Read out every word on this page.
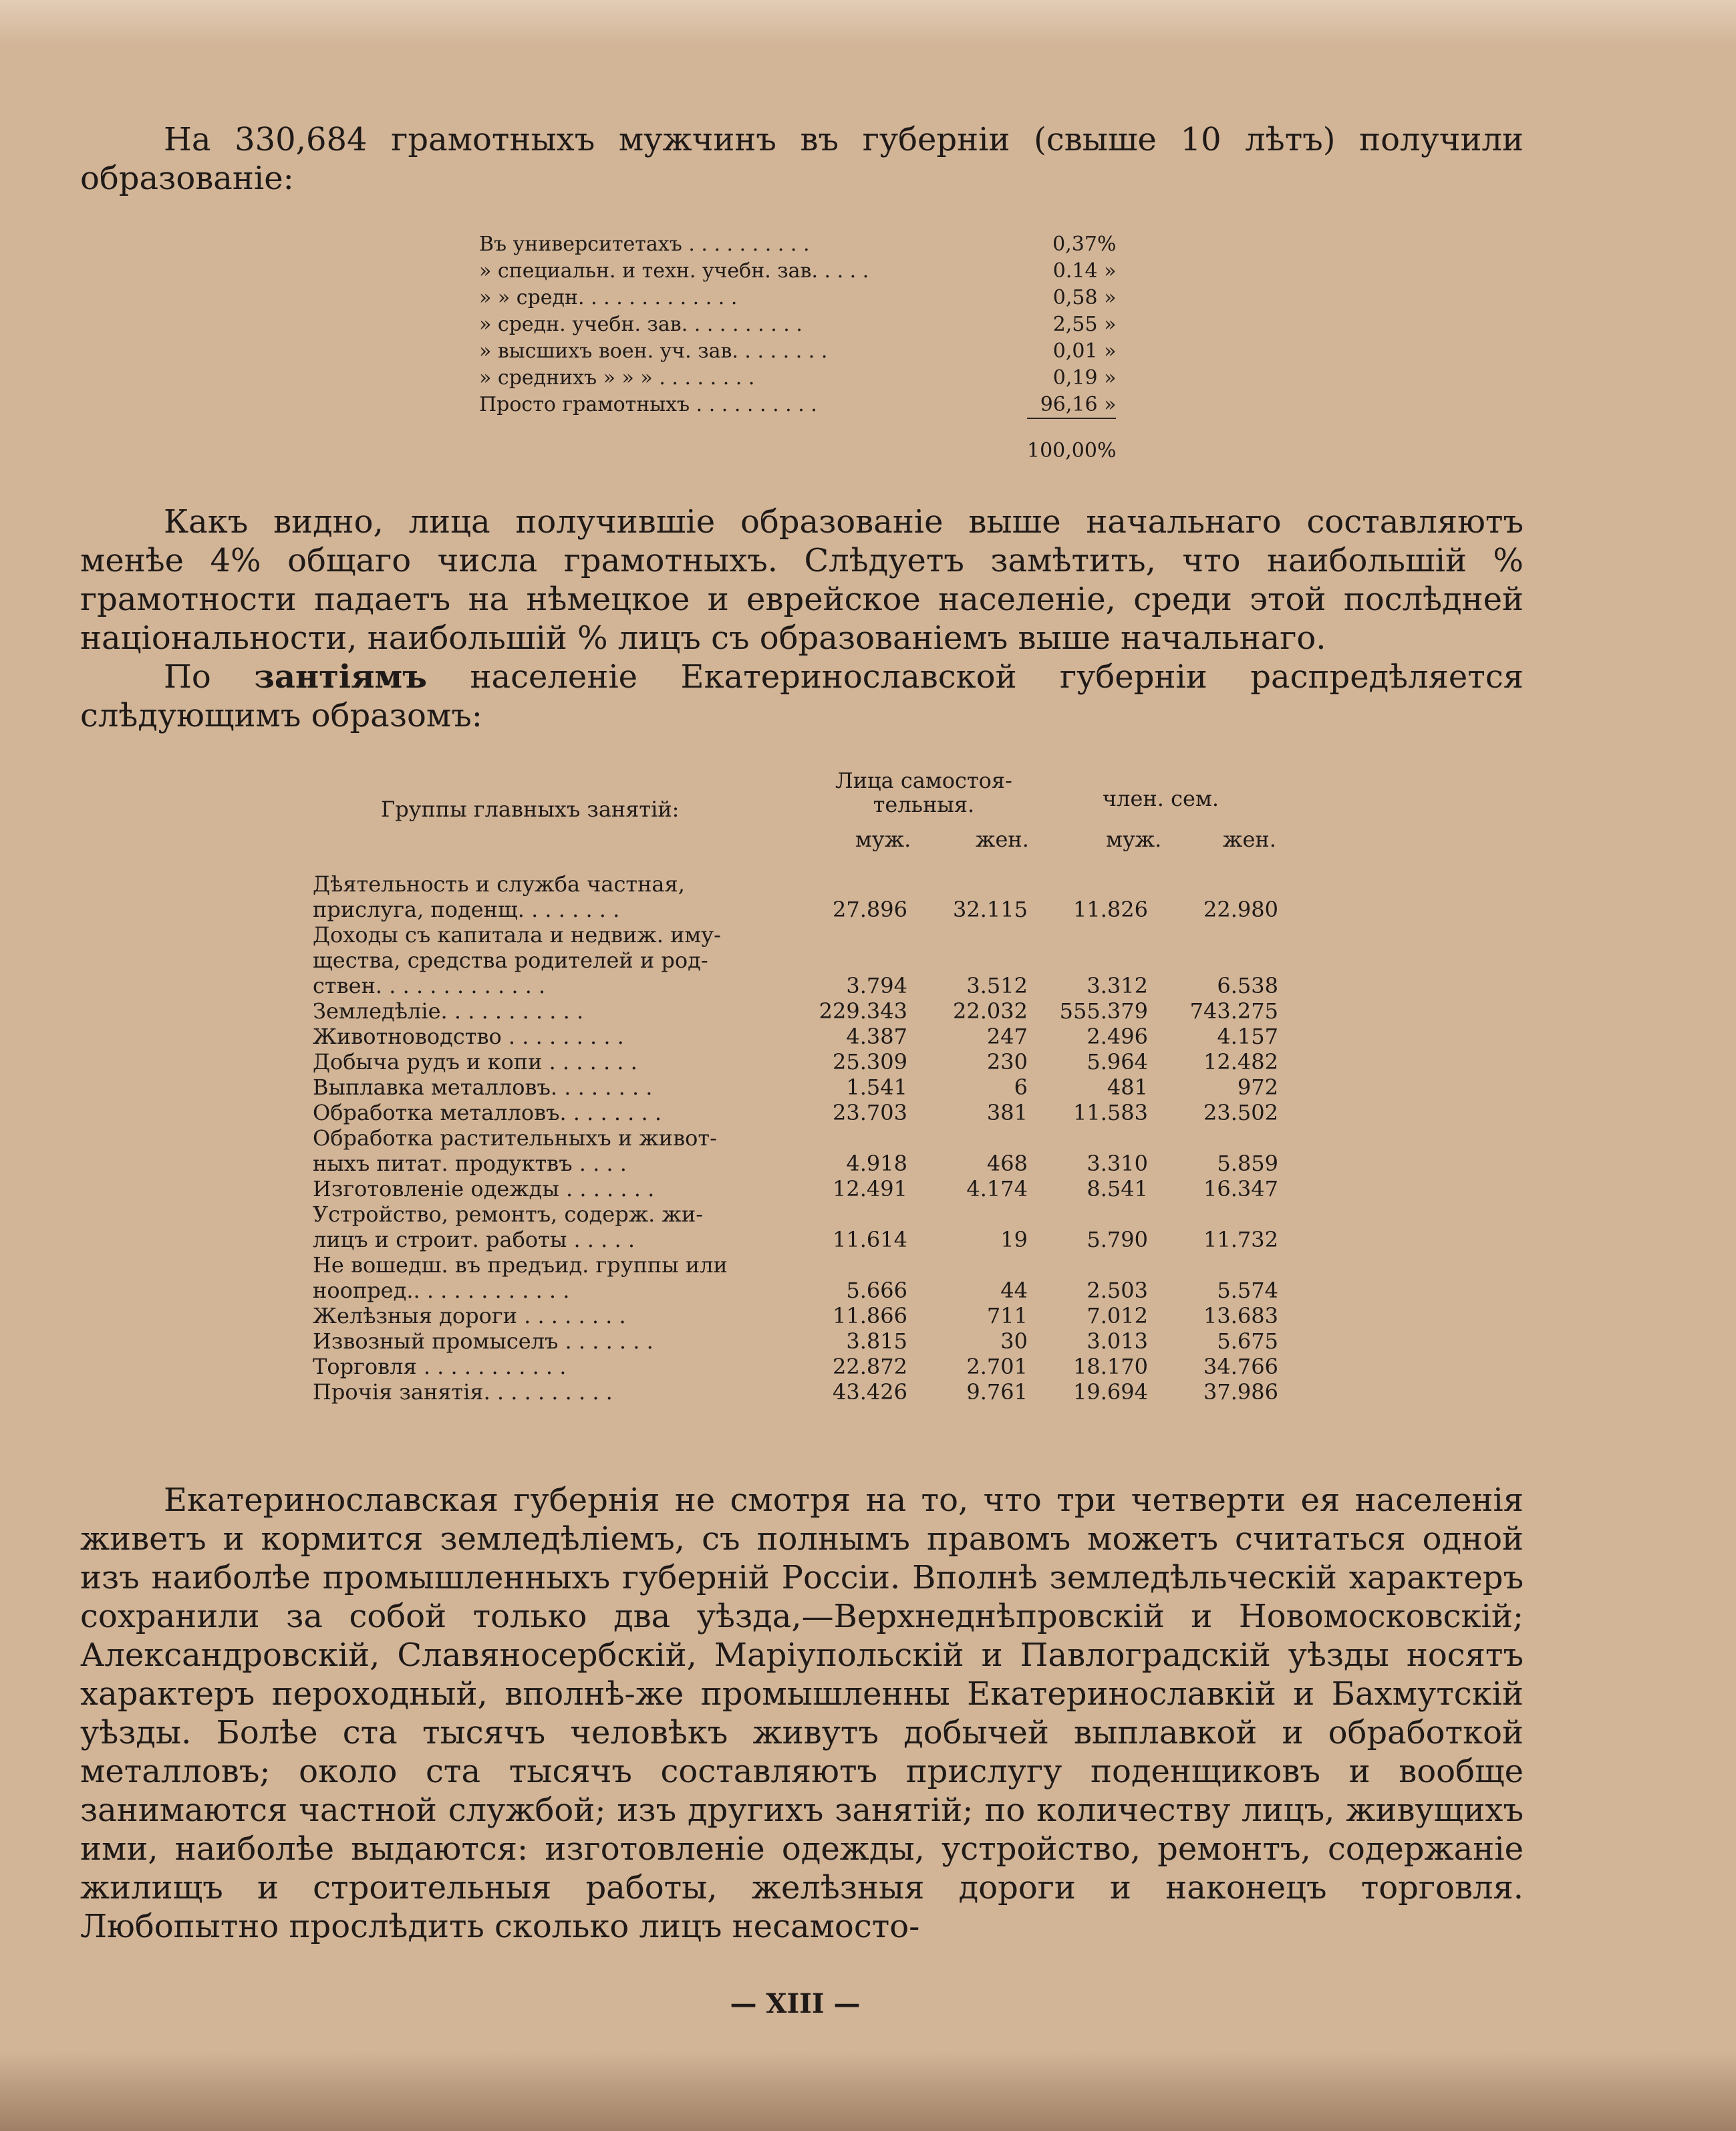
На 330,684 грамотныхъ мужчинъ въ губерніи (свыше 10 лѣтъ) получили образованіе:

Въ университетахъ . . . . . . . . . .	0,37%
» специальн. и техн. учебн. зав. . . . .	0.14 »
» » средн. . . . . . . . . . . . .	0,58 »
» средн. учебн. зав. . . . . . . . . .	2,55 »
» высшихъ воен. уч. зав. . . . . . . .	0,01 »
» среднихъ » » » . . . . . . . .	0,19 »
Просто грамотныхъ . . . . . . . . . .	96,16 »
	100,00%

Какъ видно, лица получившіе образованіе выше начальнаго составляютъ менѣе 4% общаго числа грамотныхъ. Слѣдуетъ замѣтить, что наибольшій % грамотности падаетъ на нѣмецкое и еврейское населеніе, среди этой послѣдней національности, наибольшій % лицъ съ образованіемъ выше начальнаго.
По зантіямъ населеніе Екатеринославской губерніи распредѣляется слѣдующимъ образомъ:

Группы главныхъ занятій:
Лица самостоя-
тельныя.	член. сем.
муж.	жен.	муж.	жен.
Дѣятельность и служба частная,
прислуга, поденщ. . . . . . . .	27.896	32.115	11.826	22.980
Доходы съ капитала и недвиж. иму-
щества, средства родителей и род-
ствен. . . . . . . . . . . . .	3.794	3.512	3.312	6.538
Земледѣліе. . . . . . . . . . .	229.343	22.032	555.379	743.275
Животноводство . . . . . . . . .	4.387	247	2.496	4.157
Добыча рудъ и копи . . . . . . .	25.309	230	5.964	12.482
Выплавка металловъ. . . . . . . .	1.541	6	481	972
Обработка металловъ. . . . . . . .	23.703	381	11.583	23.502
Обработка растительныхъ и живот-
ныхъ питат. продуктвъ . . . .	4.918	468	3.310	5.859
Изготовленіе одежды . . . . . . .	12.491	4.174	8.541	16.347
Устройство, ремонтъ, содерж. жи-
лицъ и строит. работы . . . . .	11.614	19	5.790	11.732
Не вошедш. въ предъид. группы или
ноопред.. . . . . . . . . . . .	5.666	44	2.503	5.574
Желѣзныя дороги . . . . . . . .	11.866	711	7.012	13.683
Извозный промыселъ . . . . . . .	3.815	30	3.013	5.675
Торговля . . . . . . . . . . .	22.872	2.701	18.170	34.766
Прочія занятія. . . . . . . . . .	43.426	9.761	19.694	37.986

Екатеринославская губернія не смотря на то, что три четверти ея населенія живетъ и кормится земледѣліемъ, съ полнымъ правомъ можетъ считаться одной изъ наиболѣе промышленныхъ губерній Россіи. Вполнѣ земледѣльческій характеръ сохранили за собой только два уѣзда,—Верхнеднѣпровскій и Новомосковскій; Александровскій, Славяносербскій, Маріупольскій и Павлоградскій уѣзды носятъ характеръ пероходный, вполнѣ-же промышленны Екатеринославкій и Бахмутскій уѣзды. Болѣе ста тысячъ человѣкъ живутъ добычей выплавкой и обработкой металловъ; около ста тысячъ составляютъ прислугу поденщиковъ и вообще занимаются частной службой; изъ другихъ занятій; по количеству лицъ, живущихъ ими, наиболѣе выдаются: изготовленіе одежды, устройство, ремонтъ, содержаніе жилищъ и строительныя работы, желѣзныя дороги и наконецъ торговля. Любопытно прослѣдить сколько лицъ несамосто-

— XIII —
